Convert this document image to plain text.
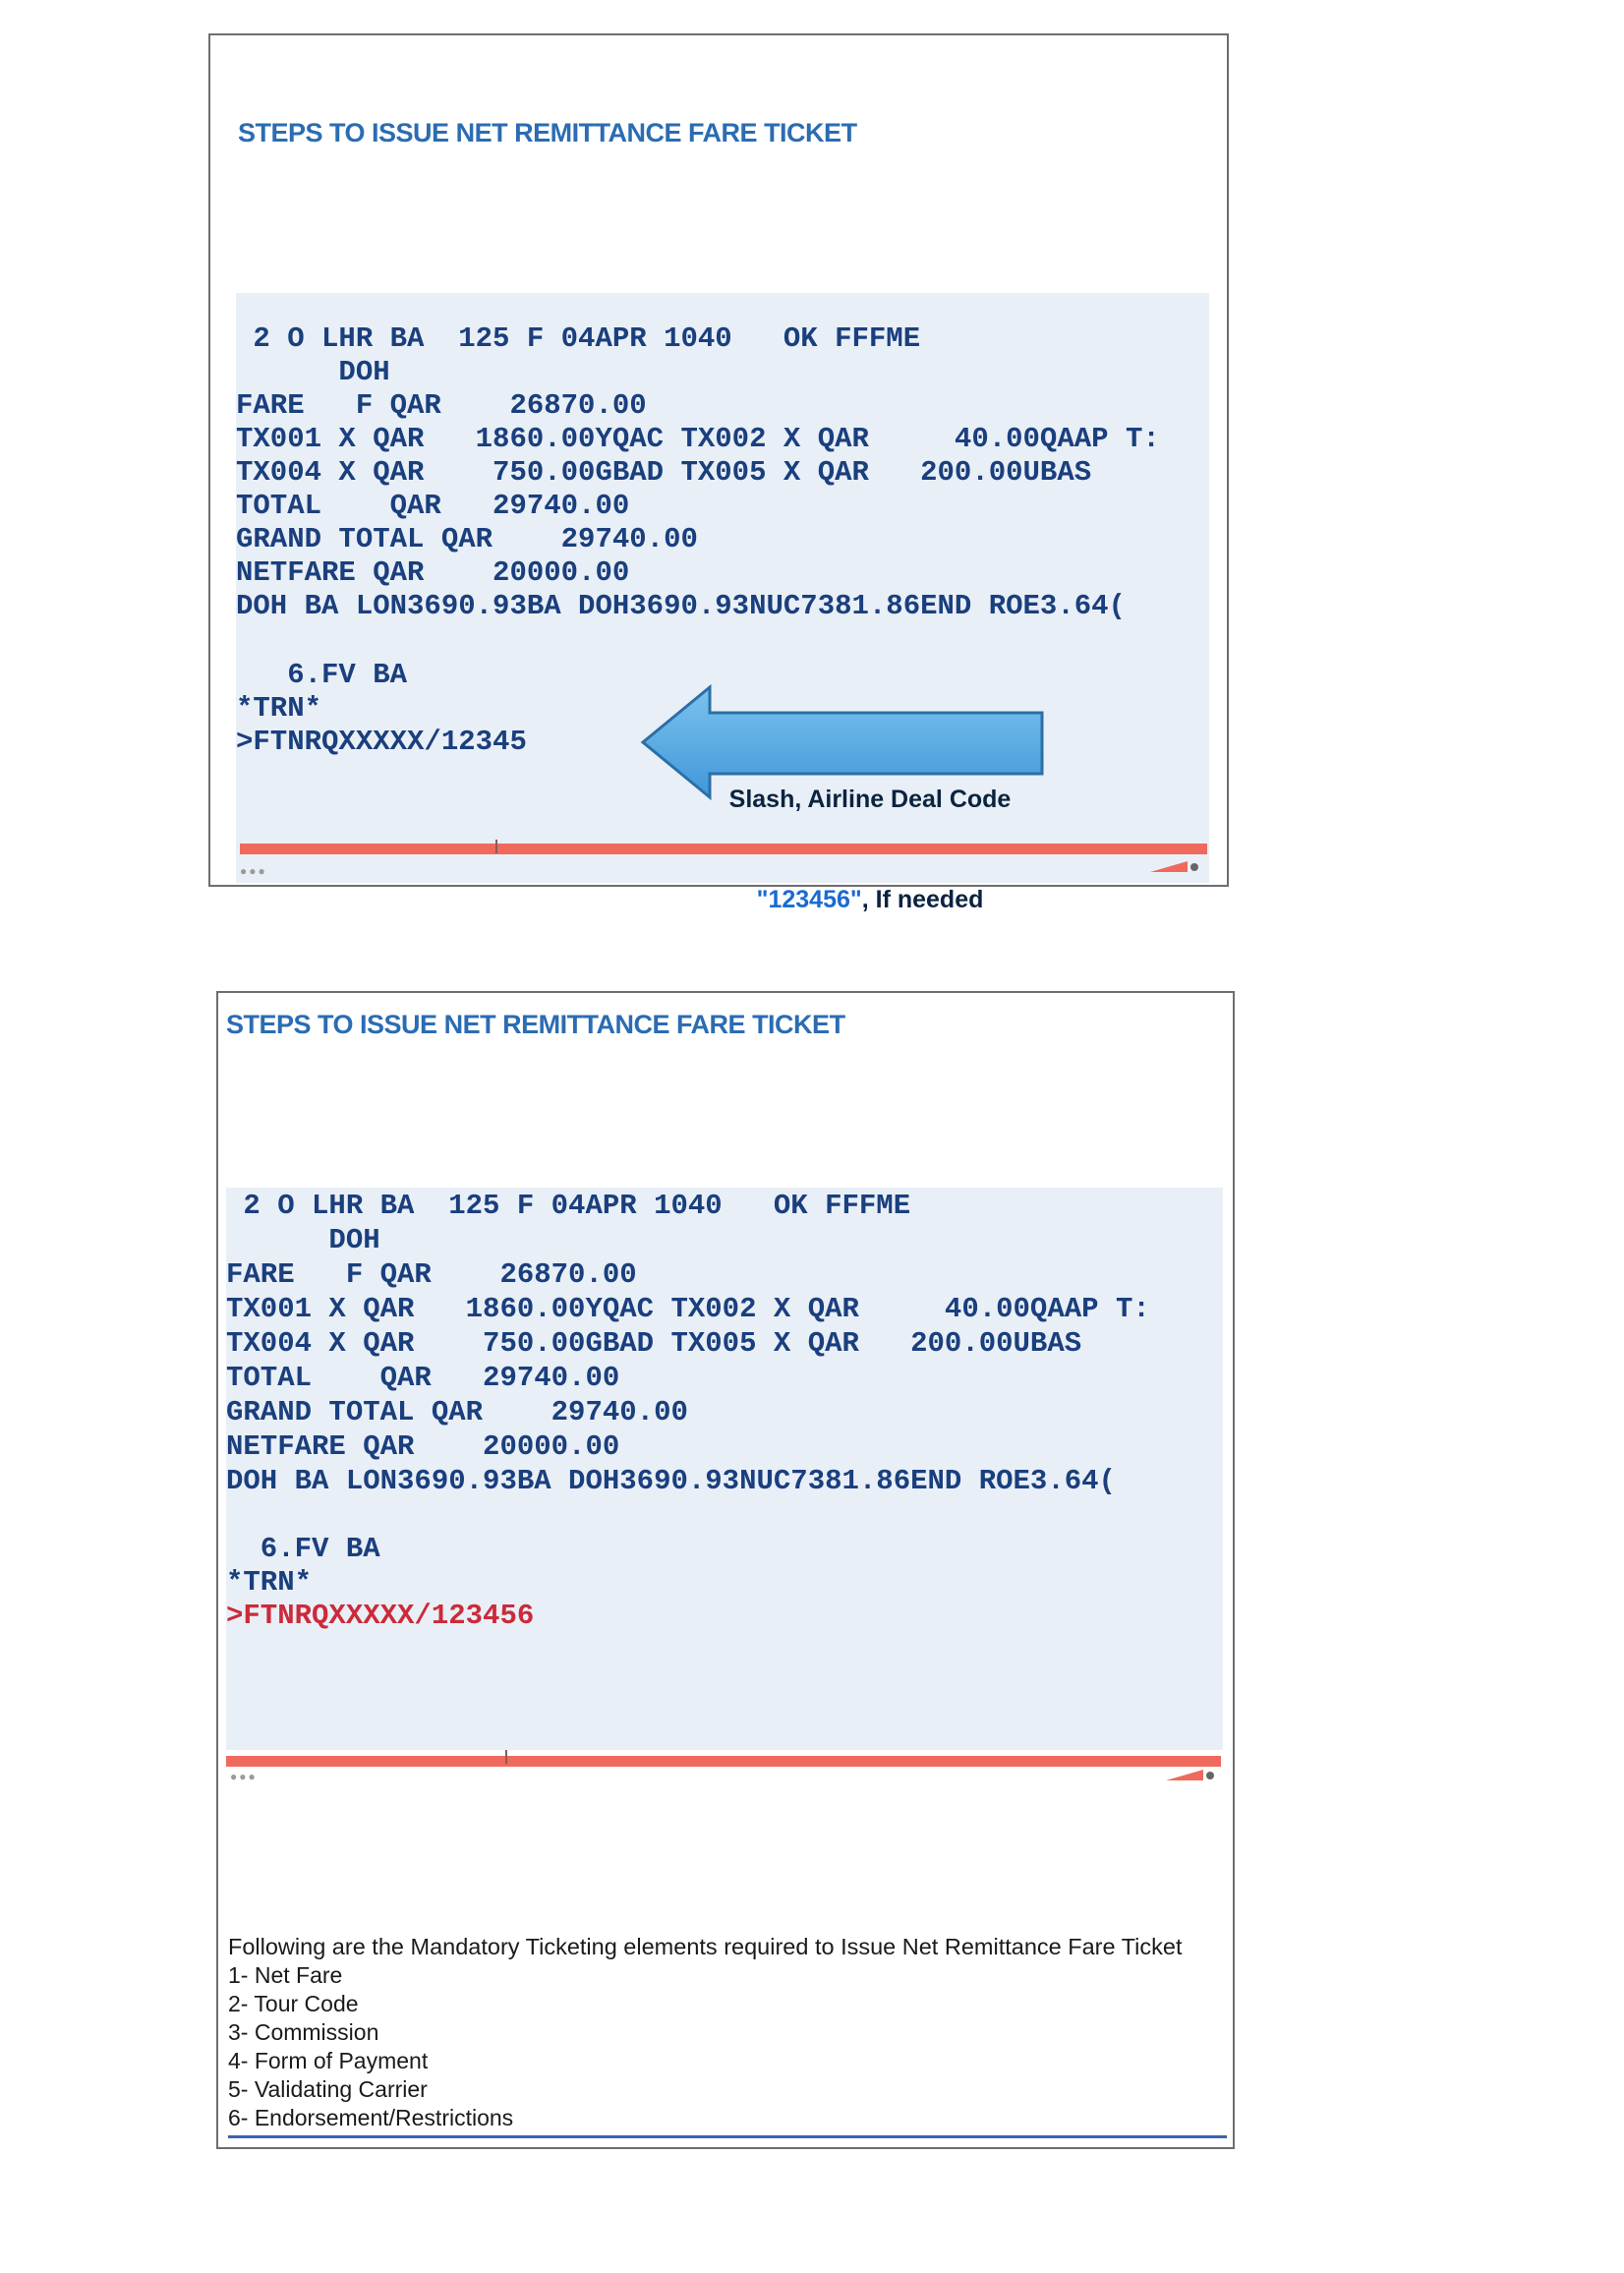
STEPS TO ISSUE NET REMITTANCE FARE TICKET

2 O LHR BA  125 F 04APR 1040   OK FFFME

DOH

FARE   F QAR    26870.00

TX001 X QAR   1860.00YQAC TX002 X QAR     40.00QAAP T:

TX004 X QAR    750.00GBAD TX005 X QAR   200.00UBAS

TOTAL    QAR   29740.00

GRAND TOTAL QAR    29740.00

NETFARE QAR    20000.00

DOH BA LON3690.93BA DOH3690.93NUC7381.86END ROE3.64(

6.FV BA

*TRN*

>FTNRQXXXXX/12345

Slash, Airline Deal Code

"123456", If needed

●●●
STEPS TO ISSUE NET REMITTANCE FARE TICKET

2 O LHR BA  125 F 04APR 1040   OK FFFME

DOH

FARE   F QAR    26870.00

TX001 X QAR   1860.00YQAC TX002 X QAR     40.00QAAP T:

TX004 X QAR    750.00GBAD TX005 X QAR   200.00UBAS

TOTAL    QAR   29740.00

GRAND TOTAL QAR    29740.00

NETFARE QAR    20000.00

DOH BA LON3690.93BA DOH3690.93NUC7381.86END ROE3.64(

6.FV BA

*TRN*

>FTNRQXXXXX/123456

●●●
Following are the Mandatory Ticketing elements required to Issue Net Remittance Fare Ticket
1- Net Fare
2- Tour Code
3- Commission
4- Form of Payment
5- Validating Carrier
6- Endorsement/Restrictions
